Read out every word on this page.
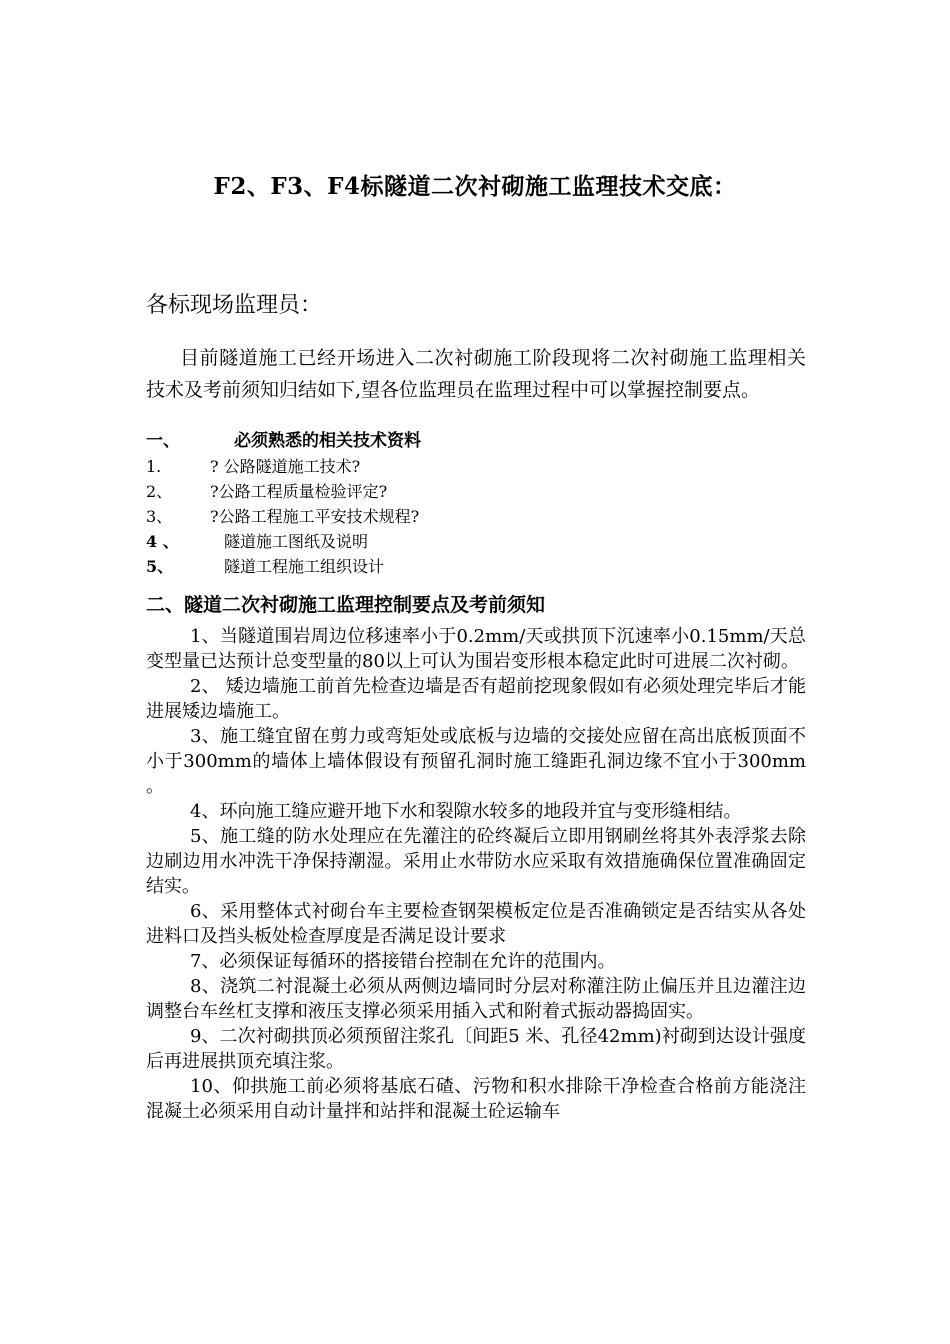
F2、F3、F4标隧道二次衬砌施工监理技术交底：
各标现场监理员：
目前隧道施工已经开场进入二次衬砌施工阶段现将二次衬砌施工监理相关技术及考前须知归结如下,望各位监理员在监理过程中可以掌握控制要点。
一、	必须熟悉的相关技术资料
1.	? 公路隧道施工技术?
2、 ?公路工程质量检验评定?
3、 ?公路工程施工平安技术规程?
4 、	隧道施工图纸及说明
5、	隧道工程施工组织设计
二、隧道二次衬砌施工监理控制要点及考前须知

1、当隧道围岩周边位移速率小于0.2mm/天或拱顶下沉速率小0.15mm/天总变型量已达预计总变型量的80以上可认为围岩变形根本稳定此时可进展二次衬砌。

2、 矮边墙施工前首先检查边墙是否有超前挖现象假如有必须处理完毕后才能进展矮边墙施工。

3、施工缝宜留在剪力或弯矩处或底板与边墙的交接处应留在高出底板顶面不小于300mm的墙体上墙体假设有预留孔洞时施工缝距孔洞边缘不宜小于300mm 。

4、环向施工缝应避开地下水和裂隙水较多的地段并宜与变形缝相结。

5、施工缝的防水处理应在先灌注的砼终凝后立即用钢刷丝将其外表浮浆去除边刷边用水冲洗干净保持潮湿。采用止水带防水应采取有效措施确保位置准确固定结实。

6、采用整体式衬砌台车主要检查钢架模板定位是否准确锁定是否结实从各处进料口及挡头板处检查厚度是否满足设计要求

7、必须保证每循环的搭接错台控制在允许的范围内。

8、浇筑二衬混凝土必须从两侧边墙同时分层对称灌注防止偏压并且边灌注边调整台车丝杠支撑和液压支撑必须采用插入式和附着式振动器捣固实。

9、二次衬砌拱顶必须预留注浆孔〔间距5 米、孔径42mm)衬砌到达设计强度后再进展拱顶充填注浆。

10、仰拱施工前必须将基底石碴、污物和积水排除干净检查合格前方能浇注混凝土必须采用自动计量拌和站拌和混凝土砼运输车
